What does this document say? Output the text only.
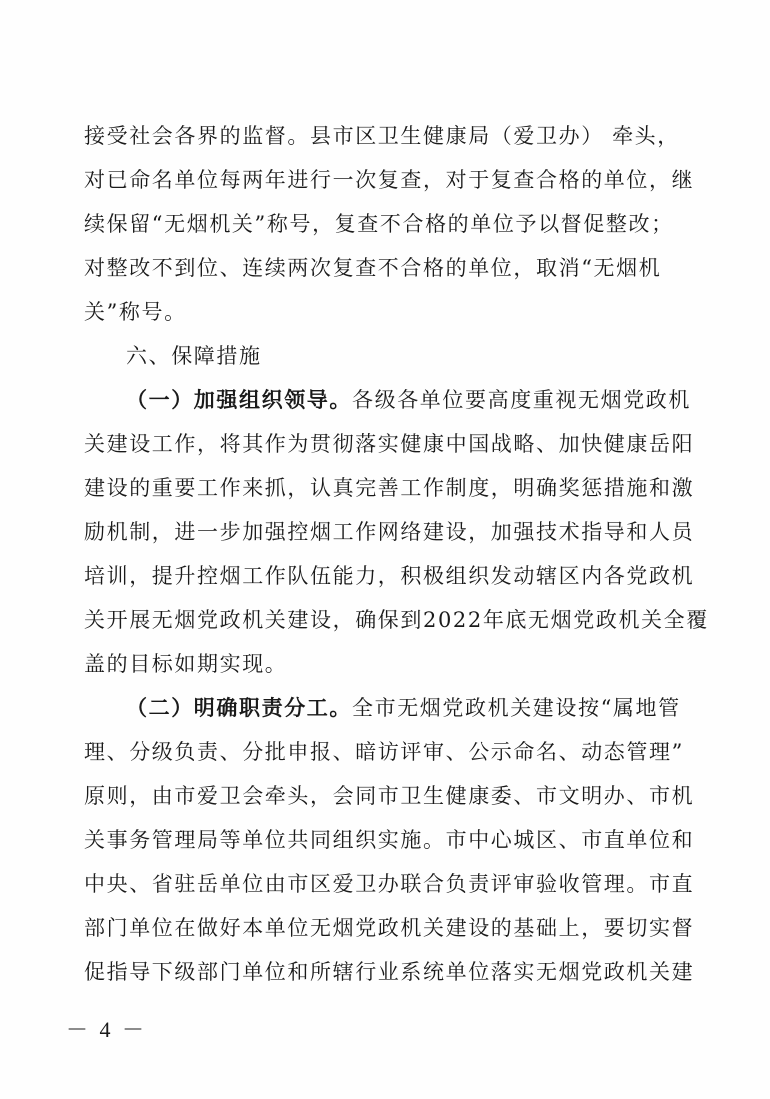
接受社会各界的监督。县市区卫生健康局（爱卫办） 牵头，
对已命名单位每两年进行一次复查，对于复查合格的单位，继
续保留“无烟机关”称号，复查不合格的单位予以督促整改；
对整改不到位、连续两次复查不合格的单位，取消“无烟机
关”称号。
六、保障措施
（一）加强组织领导。各级各单位要高度重视无烟党政机
关建设工作，将其作为贯彻落实健康中国战略、加快健康岳阳
建设的重要工作来抓，认真完善工作制度，明确奖惩措施和激
励机制，进一步加强控烟工作网络建设，加强技术指导和人员
培训，提升控烟工作队伍能力，积极组织发动辖区内各党政机
关开展无烟党政机关建设，确保到2022年底无烟党政机关全覆
盖的目标如期实现。
（二）明确职责分工。全市无烟党政机关建设按“属地管
理、分级负责、分批申报、暗访评审、公示命名、动态管理”
原则，由市爱卫会牵头，会同市卫生健康委、市文明办、市机
关事务管理局等单位共同组织实施。市中心城区、市直单位和
中央、省驻岳单位由市区爱卫办联合负责评审验收管理。市直
部门单位在做好本单位无烟党政机关建设的基础上，要切实督
促指导下级部门单位和所辖行业系统单位落实无烟党政机关建
－ 4 －
